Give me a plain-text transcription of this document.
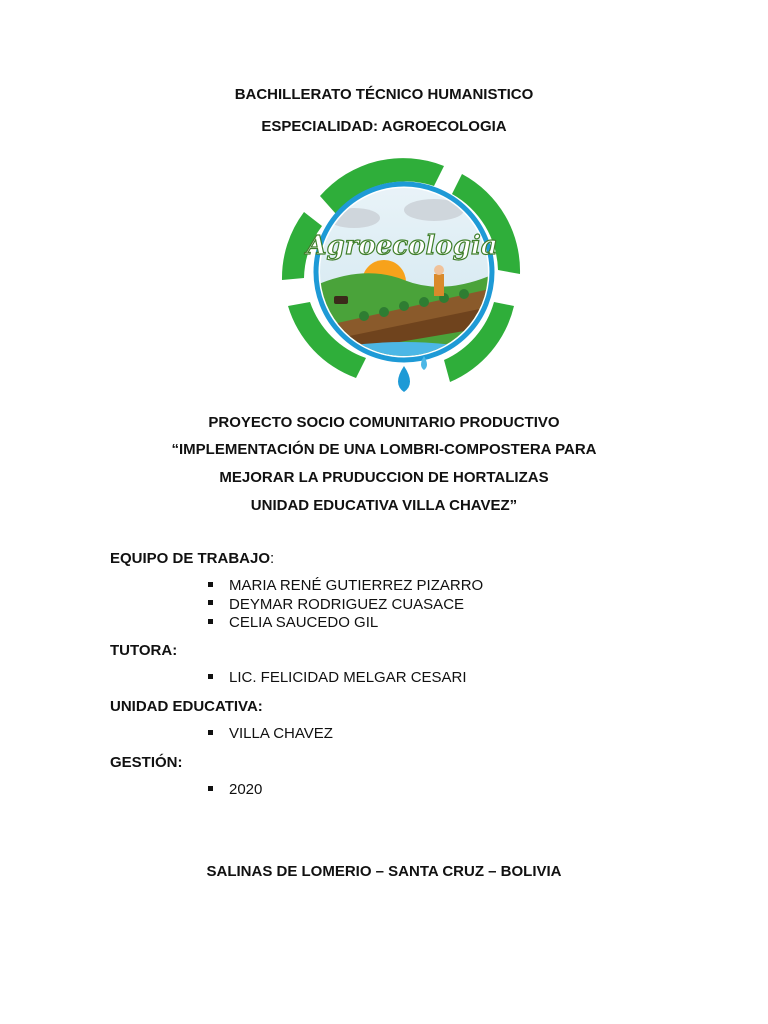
BACHILLERATO TÉCNICO HUMANISTICO
ESPECIALIDAD: AGROECOLOGIA
Agroecologia
PROYECTO SOCIO COMUNITARIO PRODUCTIVO
“IMPLEMENTACIÓN DE UNA LOMBRI-COMPOSTERA PARA
MEJORAR LA PRUDUCCION DE HORTALIZAS
UNIDAD EDUCATIVA VILLA CHAVEZ”
EQUIPO DE TRABAJO:
MARIA RENÉ GUTIERREZ PIZARRO
DEYMAR RODRIGUEZ CUASACE
CELIA SAUCEDO GIL
TUTORA:
LIC. FELICIDAD MELGAR CESARI
UNIDAD EDUCATIVA:
VILLA CHAVEZ
GESTIÓN:
2020
SALINAS DE LOMERIO – SANTA CRUZ – BOLIVIA
